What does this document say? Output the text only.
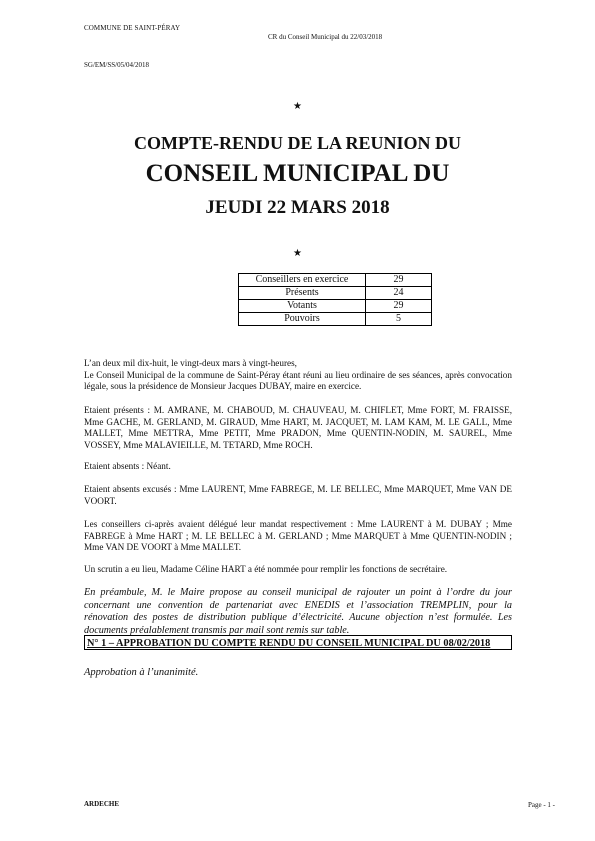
COMMUNE DE SAINT-PÉRAY
CR du Conseil Municipal du 22/03/2018
SG/EM/SS/05/04/2018
★
COMPTE-RENDU DE LA REUNION DU
CONSEIL MUNICIPAL DU
JEUDI 22 MARS 2018
★
Conseillers en exercice	29
Présents	24
Votants	29
Pouvoirs	5
L’an deux mil dix-huit, le vingt-deux mars à vingt-heures,
Le Conseil Municipal de la commune de Saint-Péray étant réuni au lieu ordinaire de ses séances, après convocation légale, sous la présidence de Monsieur Jacques DUBAY, maire en exercice.
Etaient présents : M. AMRANE, M. CHABOUD, M. CHAUVEAU, M. CHIFLET, Mme FORT, M. FRAISSE, Mme GACHE, M. GERLAND, M. GIRAUD, Mme HART, M. JACQUET, M. LAM KAM, M. LE GALL, Mme MALLET, Mme METTRA, Mme PETIT, Mme PRADON, Mme QUENTIN-NODIN, M. SAUREL, Mme VOSSEY, Mme MALAVIEILLE, M. TETARD, Mme ROCH.
Etaient absents : Néant.
Etaient absents excusés : Mme LAURENT, Mme FABREGE, M. LE BELLEC, Mme MARQUET, Mme VAN DE VOORT.
Les conseillers ci-après avaient délégué leur mandat respectivement : Mme LAURENT à M. DUBAY ; Mme FABREGE à Mme HART ; M. LE BELLEC à M. GERLAND ; Mme MARQUET à Mme QUENTIN-NODIN ; Mme VAN DE VOORT à Mme MALLET.
Un scrutin a eu lieu, Madame Céline HART a été nommée pour remplir les fonctions de secrétaire.
En préambule, M. le Maire propose au conseil municipal de rajouter un point à l’ordre du jour concernant une convention de partenariat avec ENEDIS et l’association TREMPLIN, pour la rénovation des postes de distribution publique d’électricité. Aucune objection n’est formulée. Les documents préalablement transmis par mail sont remis sur table.
N° 1 – APPROBATION DU COMPTE RENDU DU CONSEIL MUNICIPAL DU 08/02/2018
Approbation à l’unanimité.
ARDECHE	Page - 1 -
